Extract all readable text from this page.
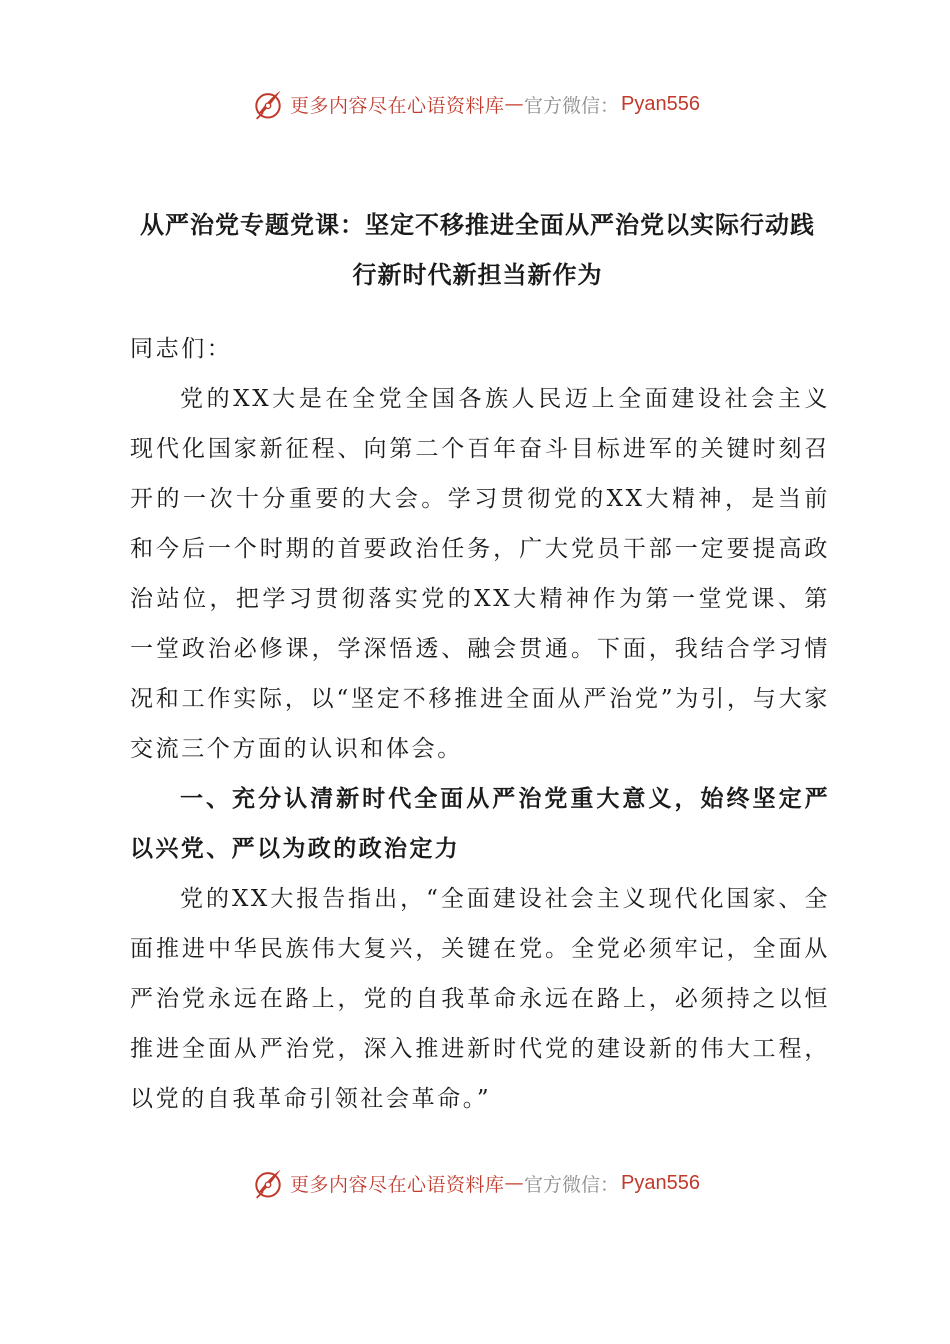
更多内容尽在心语资料库 — 官方微信： Pyan556
从严治党专题党课：坚定不移推进全面从严治党以实际行动践
行新时代新担当新作为

同志们：

党的XX大是在全党全国各族人民迈上全面建设社会主义现代化国家新征程、向第二个百年奋斗目标进军的关键时刻召开的一次十分重要的大会。学习贯彻党的XX大精神，是当前和今后一个时期的首要政治任务，广大党员干部一定要提高政治站位，把学习贯彻落实党的XX大精神作为第一堂党课、第一堂政治必修课，学深悟透、融会贯通。下面，我结合学习情况和工作实际，以“坚定不移推进全面从严治党”为引，与大家交流三个方面的认识和体会。

一、充分认清新时代全面从严治党重大意义，始终坚定严以兴党、严以为政的政治定力

党的XX大报告指出，“全面建设社会主义现代化国家、全面推进中华民族伟大复兴，关键在党。全党必须牢记，全面从严治党永远在路上，党的自我革命永远在路上，必须持之以恒推进全面从严治党，深入推进新时代党的建设新的伟大工程，以党的自我革命引领社会革命。”

更多内容尽在心语资料库 — 官方微信： Pyan556
